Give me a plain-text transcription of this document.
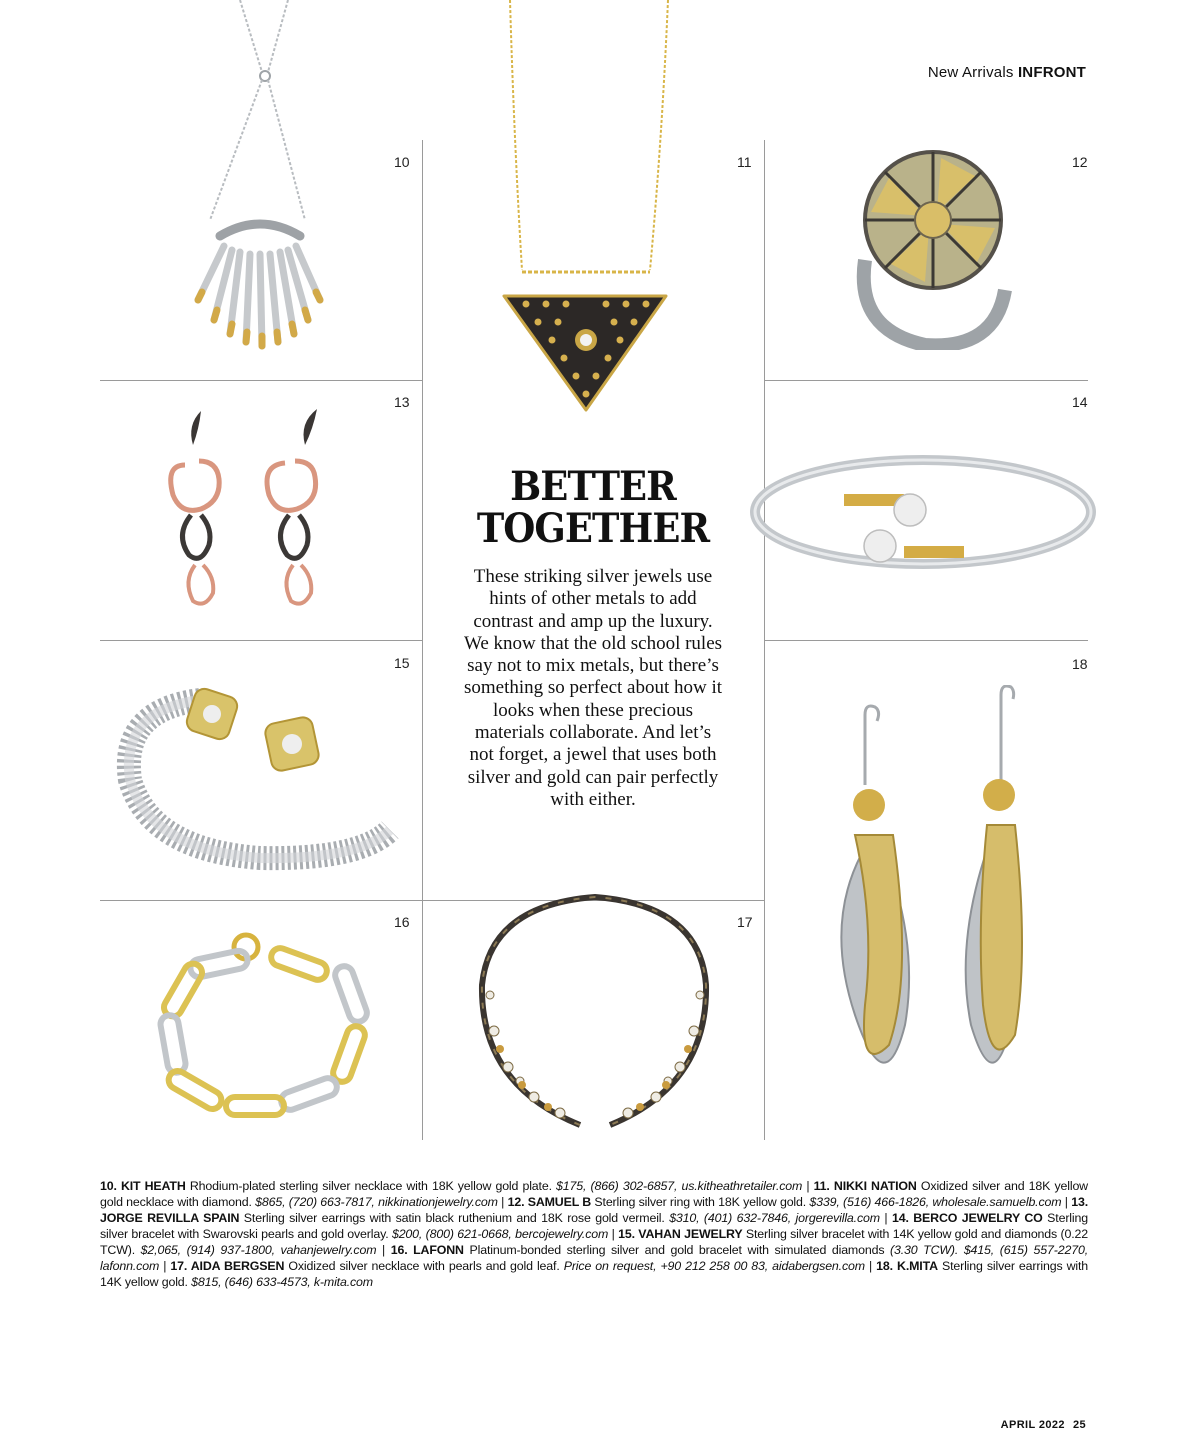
New Arrivals INFRONT
10	11	12
13	14
15
16	17
18
BETTER
TOGETHER

These striking silver jewels use hints of other metals to add contrast and amp up the luxury. We know that the old school rules say not to mix metals, but there’s something so perfect about how it looks when these precious materials collaborate. And let’s not forget, a jewel that uses both silver and gold can pair perfectly with either.

10. KIT HEATH Rhodium-plated sterling silver necklace with 18K yellow gold plate. $175, (866) 302-6857, us.kitheathretailer.com | 11. NIKKI NATION Oxidized silver and 18K yellow gold necklace with diamond. $865, (720) 663-7817, nikkinationjewelry.com | 12. SAMUEL B Sterling silver ring with 18K yellow gold. $339, (516) 466-1826, wholesale.samuelb.com | 13. JORGE REVILLA SPAIN Sterling silver earrings with satin black ruthenium and 18K rose gold vermeil. $310, (401) 632-7846, jorgerevilla.com | 14. BERCO JEWELRY CO Sterling silver bracelet with Swarovski pearls and gold overlay. $200, (800) 621-0668, bercojewelry.com | 15. VAHAN JEWELRY Sterling silver bracelet with 14K yellow gold and diamonds (0.22 TCW). $2,065, (914) 937-1800, vahanjewelry.com | 16. LAFONN Platinum-bonded sterling silver and gold bracelet with simulated diamonds (3.30 TCW). $415, (615) 557-2270, lafonn.com | 17. AIDA BERGSEN Oxidized silver necklace with pearls and gold leaf. Price on request, +90 212 258 00 83, aidabergsen.com | 18. K.MITA Sterling silver earrings with 14K yellow gold. $815, (646) 633-4573, k-mita.com
APRIL 2022 25
